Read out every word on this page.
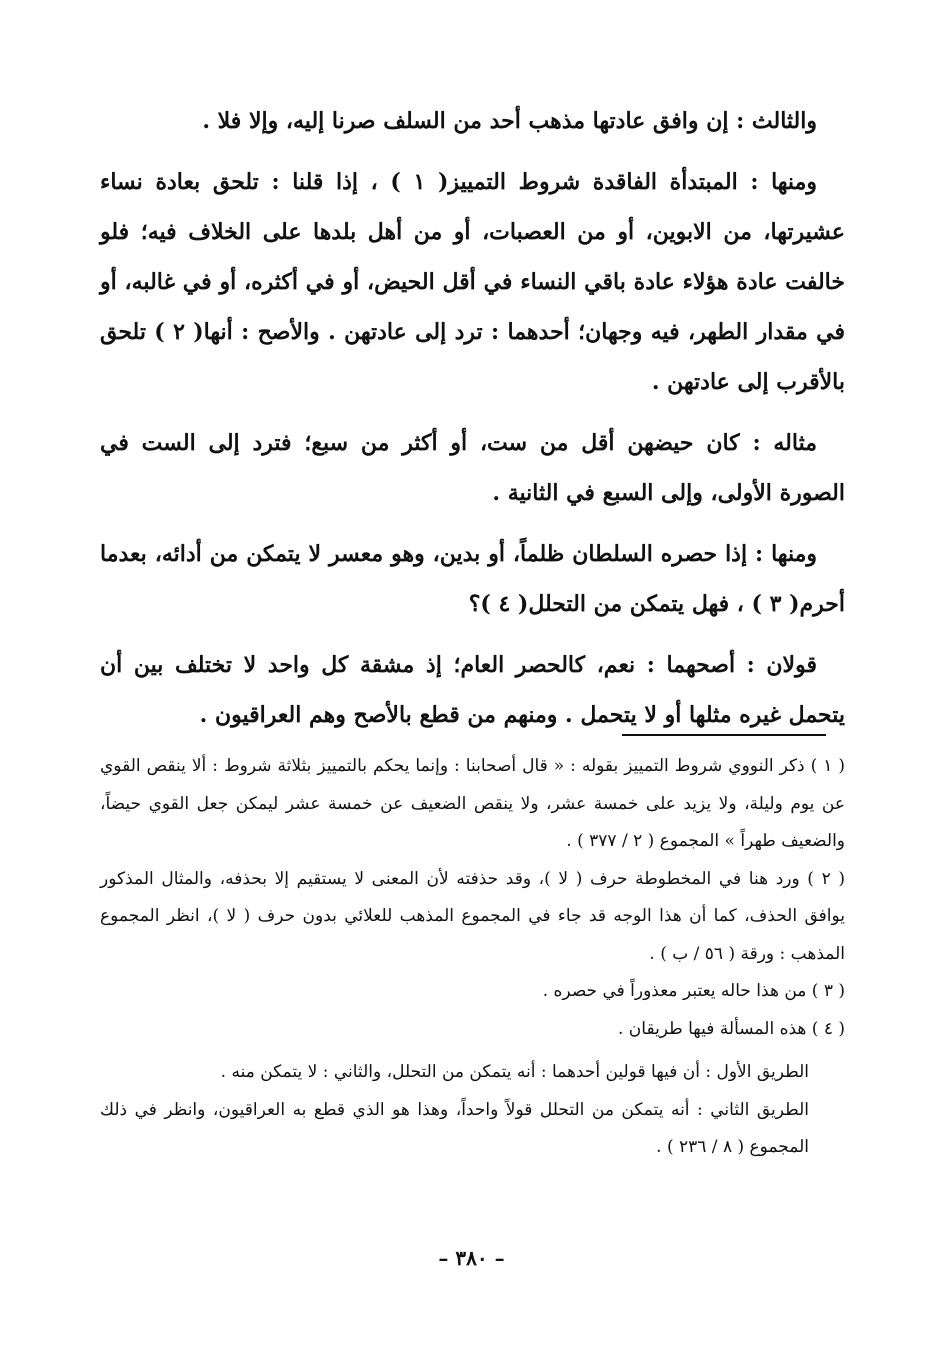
والثالث : إن وافق عادتها مذهب أحد من السلف صرنا إليه، وإلا فلا .

ومنها : المبتدأة الفاقدة شروط التمييز( ١ ) ، إذا قلنا : تلحق بعادة نساء عشيرتها، من الابوين، أو من العصبات، أو من أهل بلدها على الخلاف فيه؛ فلو خالفت عادة هؤلاء عادة باقي النساء في أقل الحيض، أو في أكثره، أو في غالبه، أو في مقدار الطهر، فيه وجهان؛ أحدهما : ترد إلى عادتهن . والأصح : أنها( ٢ ) تلحق بالأقرب إلى عادتهن .

مثاله : كان حيضهن أقل من ست، أو أكثر من سبع؛ فترد إلى الست في الصورة الأولى، وإلى السبع في الثانية .

ومنها : إذا حصره السلطان ظلماً، أو بدين، وهو معسر لا يتمكن من أدائه، بعدما أحرم( ٣ ) ، فهل يتمكن من التحلل( ٤ )؟

قولان : أصحهما : نعم، كالحصر العام؛ إذ مشقة كل واحد لا تختلف بين أن يتحمل غيره مثلها أو لا يتحمل . ومنهم من قطع بالأصح وهم العراقيون .

( ١ ) ذكر النووي شروط التمييز بقوله : « قال أصحابنا : وإنما يحكم بالتمييز بثلاثة شروط : ألا ينقص القوي عن يوم وليلة، ولا يزيد على خمسة عشر، ولا ينقص الضعيف عن خمسة عشر ليمكن جعل القوي حيضاً، والضعيف طهراً » المجموع ( ٢ / ٣٧٧ ) .

( ٢ ) ورد هنا في المخطوطة حرف ( لا )، وقد حذفته لأن المعنى لا يستقيم إلا بحذفه، والمثال المذكور يوافق الحذف، كما أن هذا الوجه قد جاء في المجموع المذهب للعلائي بدون حرف ( لا )، انظر المجموع المذهب : ورقة ( ٥٦ / ب ) .

( ٣ ) من هذا حاله يعتبر معذوراً في حصره .

( ٤ ) هذه المسألة فيها طريقان .

الطريق الأول : أن فيها قولين أحدهما : أنه يتمكن من التحلل، والثاني : لا يتمكن منه .

الطريق الثاني : أنه يتمكن من التحلل قولاً واحداً، وهذا هو الذي قطع به العراقيون، وانظر في ذلك المجموع ( ٨ / ٢٣٦ ) .

– ٣٨٠ –
